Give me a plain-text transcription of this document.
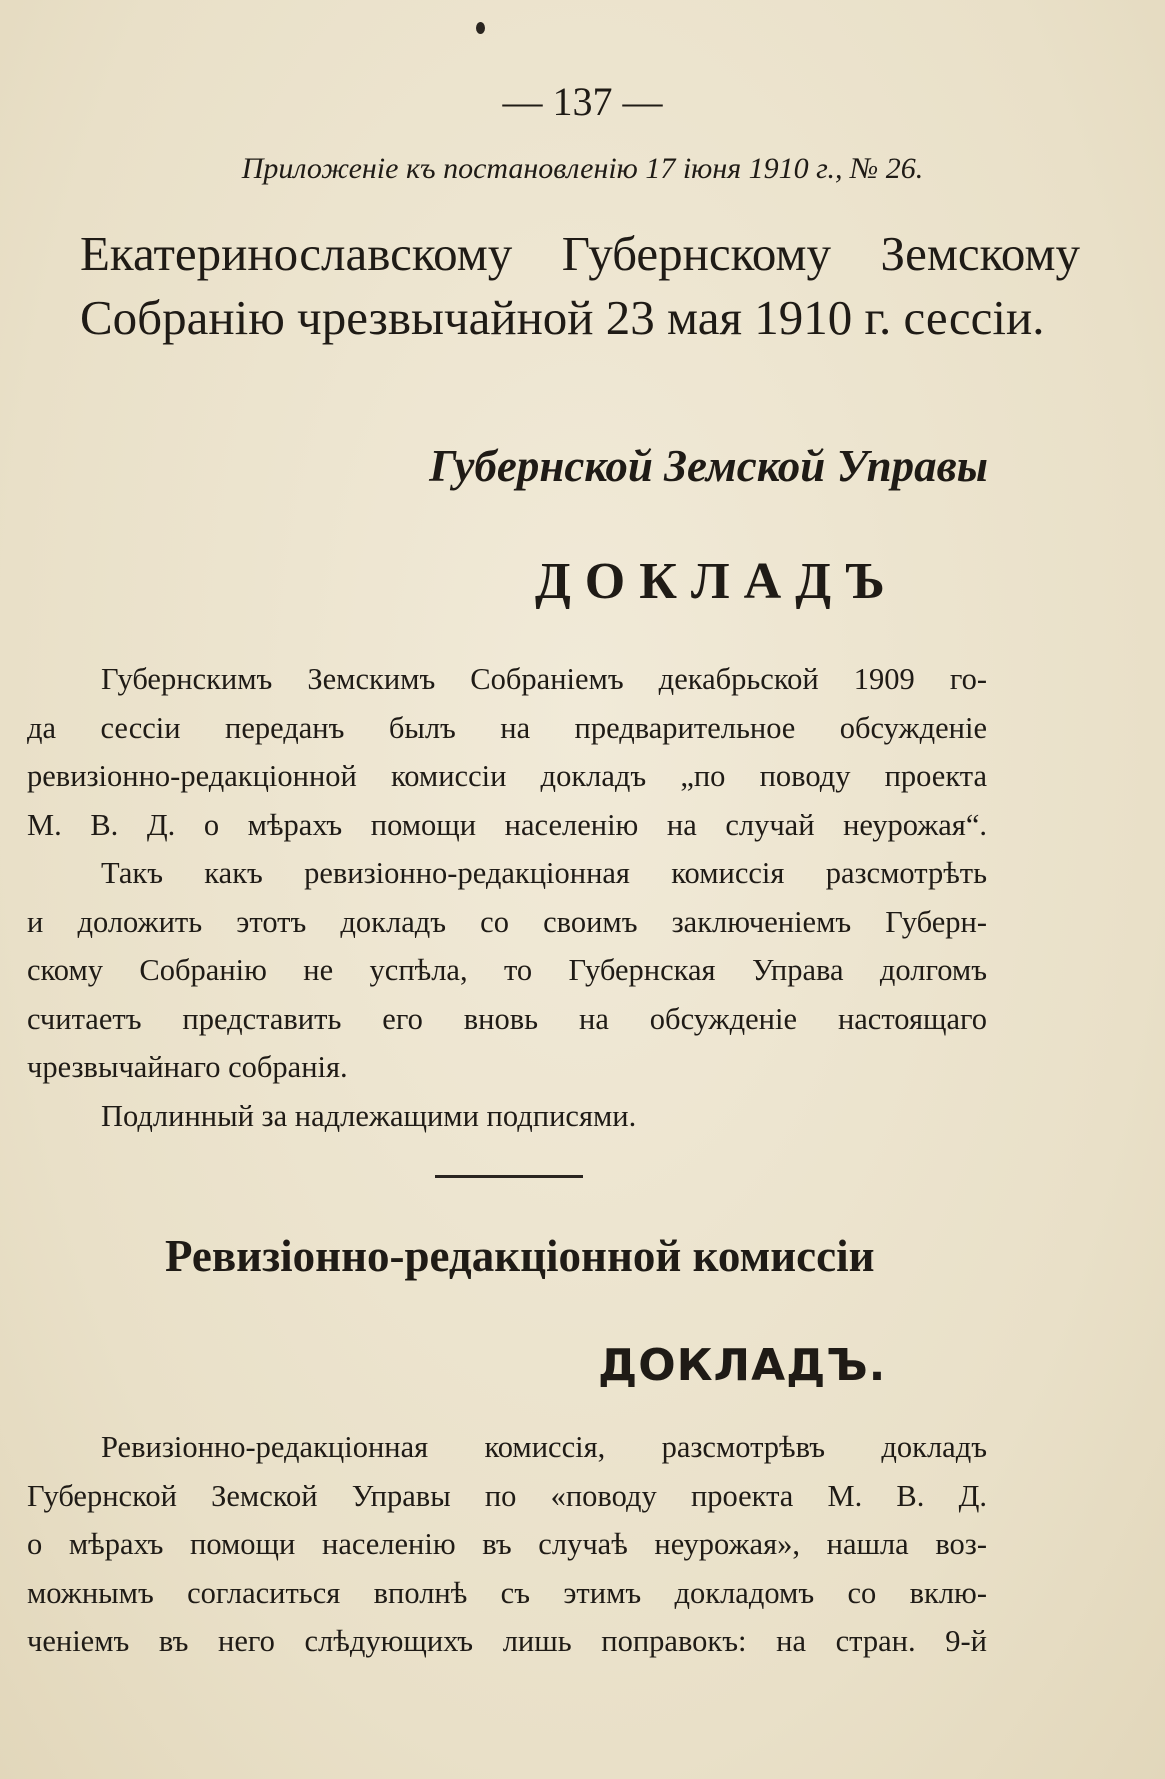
— 137 —
Приложенiе къ постановленiю 17 iюня 1910 г., № 26.
Екатеринославскому Губернскому Земскому
Собранiю чрезвычайной 23 мая 1910 г. сессiи.
Губернской Земской Управы
ДОКЛАДЪ
Губернскимъ Земскимъ Собранiемъ декабрьской 1909 го-
да сессiи переданъ былъ на предварительное обсужденiе
ревизiонно-редакцiонной комиссiи докладъ „по поводу проекта
М. В. Д. о мѣрахъ помощи населенiю на случай неурожая“.
Такъ какъ ревизiонно-редакцiонная комиссiя разсмотрѣть
и доложить этотъ докладъ со своимъ заключенiемъ Губерн-
скому Собранiю не успѣла, то Губернская Управа долгомъ
считаетъ представить его вновь на обсужденiе настоящаго
чрезвычайнаго собранiя.
Подлинный за надлежащими подписями.
Ревизiонно-редакцiонной комиссiи
ДОКЛАДЪ.
Ревизiонно-редакцiонная комиссiя, разсмотрѣвъ докладъ
Губернской Земской Управы по «поводу проекта М. В. Д.
о мѣрахъ помощи населенiю въ случаѣ неурожая», нашла воз-
можнымъ согласиться вполнѣ съ этимъ докладомъ со вклю-
ченiемъ въ него слѣдующихъ лишь поправокъ: на стран. 9-й
